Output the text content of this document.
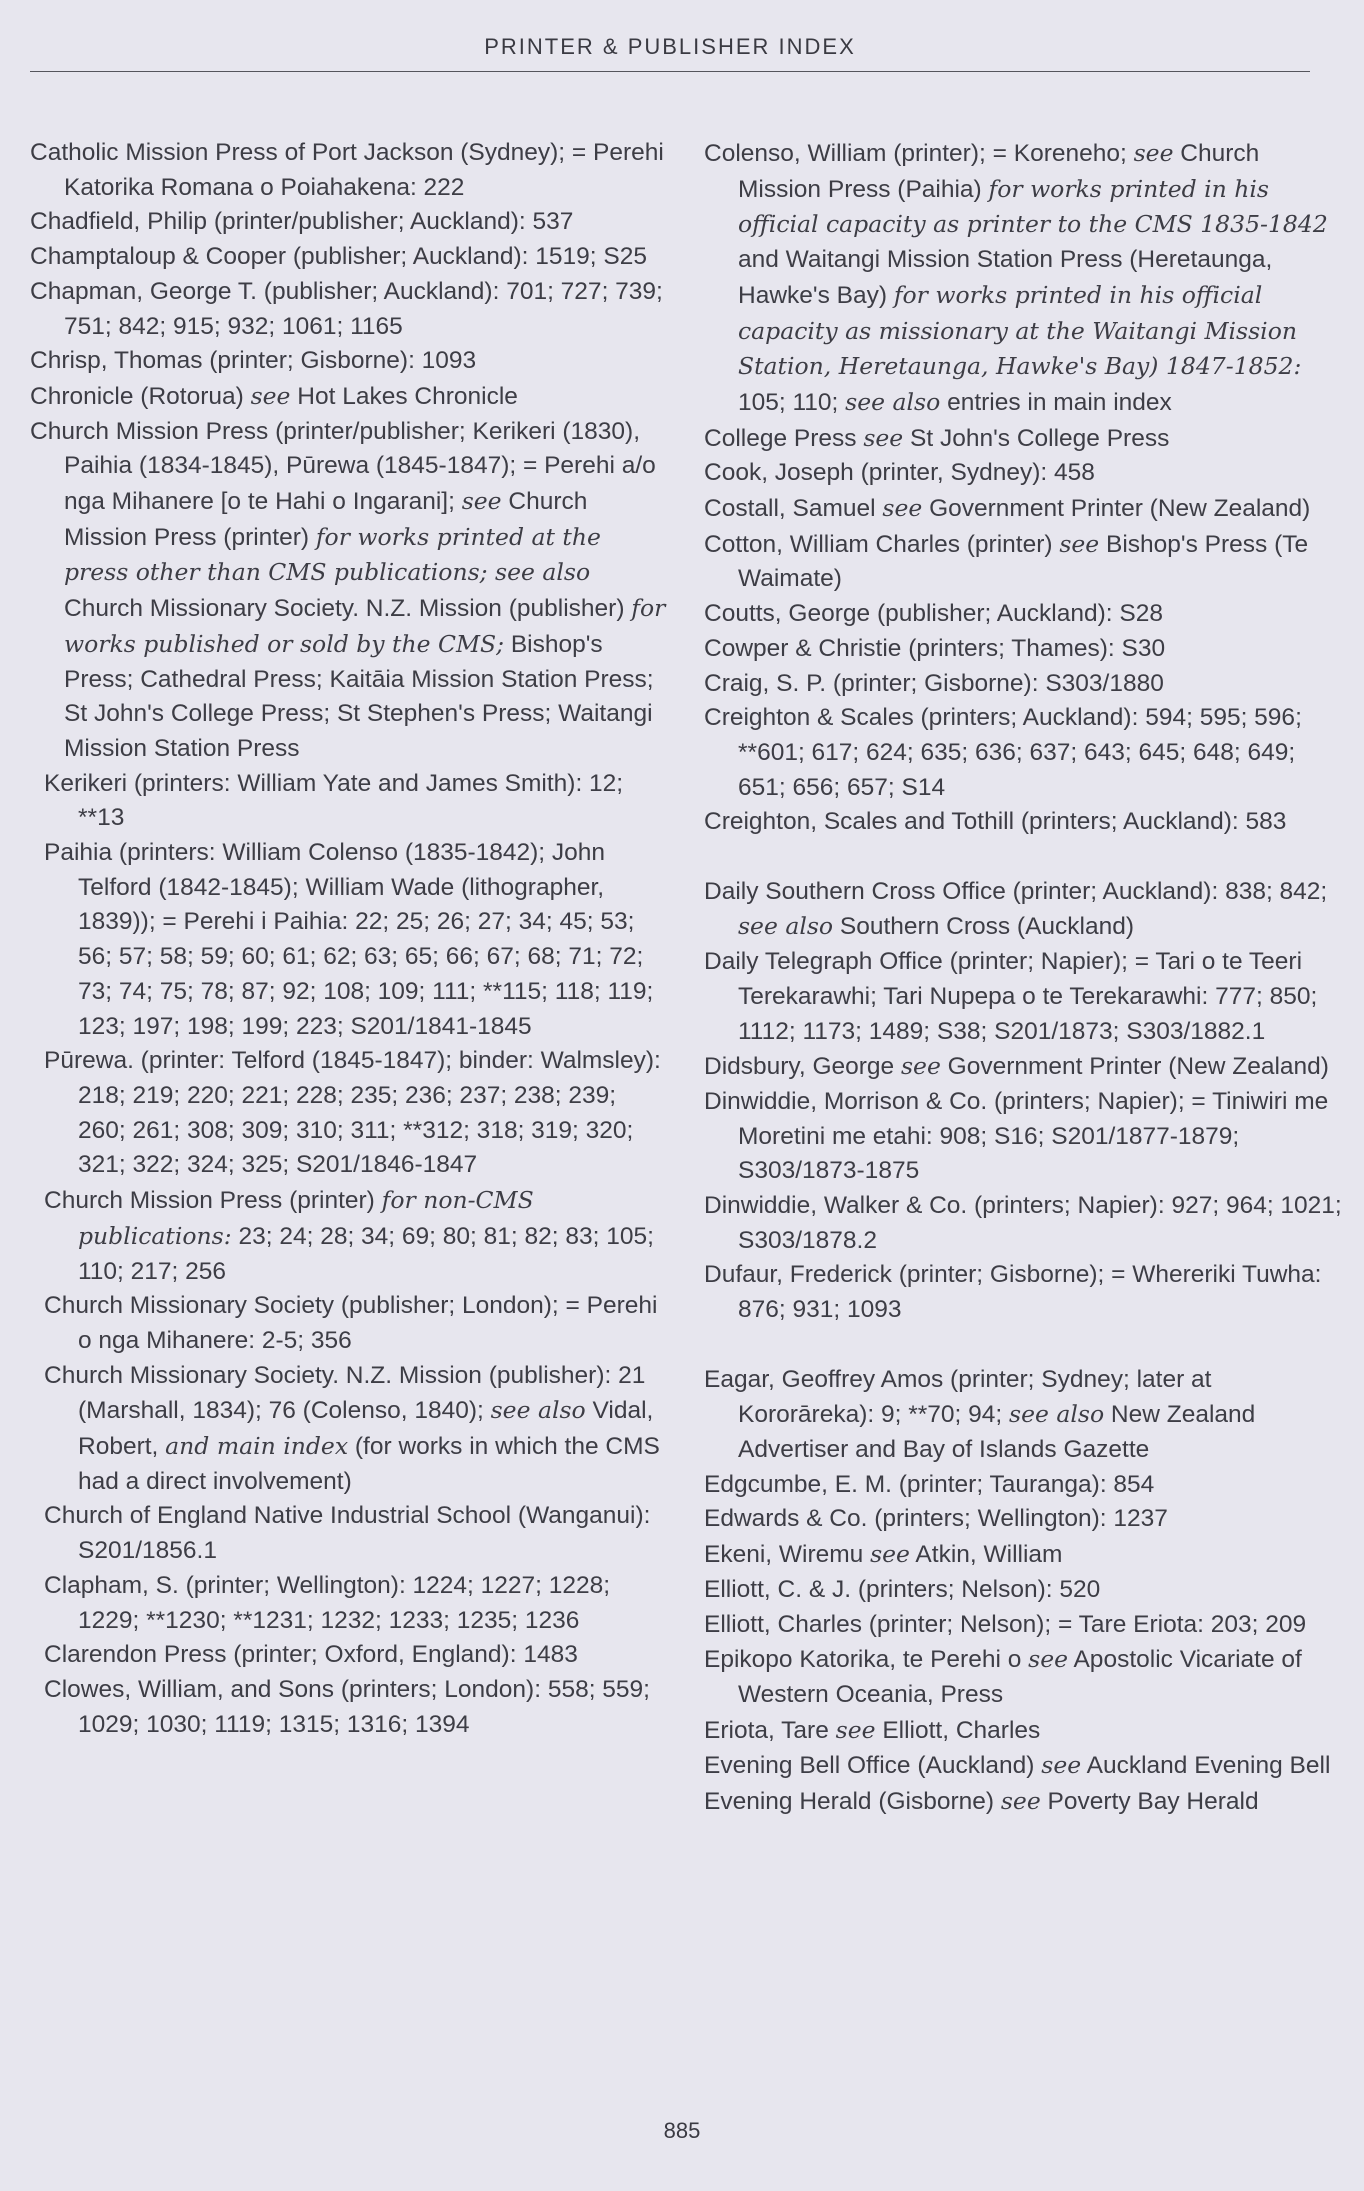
PRINTER & PUBLISHER INDEX

Catholic Mission Press of Port Jackson (Sydney); = Perehi Katorika Romana o Poiahakena: 222

Chadfield, Philip (printer/publisher; Auckland): 537

Champtaloup & Cooper (publisher; Auckland): 1519; S25

Chapman, George T. (publisher; Auckland): 701; 727; 739; 751; 842; 915; 932; 1061; 1165

Chrisp, Thomas (printer; Gisborne): 1093

Chronicle (Rotorua) see Hot Lakes Chronicle

Church Mission Press (printer/publisher; Kerikeri (1830), Paihia (1834-1845), Pūrewa (1845-1847); = Perehi a/o nga Mihanere [o te Hahi o Ingarani]; see Church Mission Press (printer) for works printed at the press other than CMS publications; see also Church Missionary Society. N.Z. Mission (publisher) for works published or sold by the CMS; Bishop's Press; Cathedral Press; Kaitāia Mission Station Press; St John's College Press; St Stephen's Press; Waitangi Mission Station Press

Kerikeri (printers: William Yate and James Smith): 12; **13

Paihia (printers: William Colenso (1835-1842); John Telford (1842-1845); William Wade (lithographer, 1839)); = Perehi i Paihia: 22; 25; 26; 27; 34; 45; 53; 56; 57; 58; 59; 60; 61; 62; 63; 65; 66; 67; 68; 71; 72; 73; 74; 75; 78; 87; 92; 108; 109; 111; **115; 118; 119; 123; 197; 198; 199; 223; S201/1841-1845

Pūrewa. (printer: Telford (1845-1847); binder: Walmsley): 218; 219; 220; 221; 228; 235; 236; 237; 238; 239; 260; 261; 308; 309; 310; 311; **312; 318; 319; 320; 321; 322; 324; 325; S201/1846-1847

Church Mission Press (printer) for non-CMS publications: 23; 24; 28; 34; 69; 80; 81; 82; 83; 105; 110; 217; 256

Church Missionary Society (publisher; London); = Perehi o nga Mihanere: 2-5; 356

Church Missionary Society. N.Z. Mission (publisher): 21 (Marshall, 1834); 76 (Colenso, 1840); see also Vidal, Robert, and main index (for works in which the CMS had a direct involvement)

Church of England Native Industrial School (Wanganui): S201/1856.1

Clapham, S. (printer; Wellington): 1224; 1227; 1228; 1229; **1230; **1231; 1232; 1233; 1235; 1236

Clarendon Press (printer; Oxford, England): 1483

Clowes, William, and Sons (printers; London): 558; 559; 1029; 1030; 1119; 1315; 1316; 1394

Colenso, William (printer); = Koreneho; see Church Mission Press (Paihia) for works printed in his official capacity as printer to the CMS 1835-1842 and Waitangi Mission Station Press (Heretaunga, Hawke's Bay) for works printed in his official capacity as missionary at the Waitangi Mission Station, Heretaunga, Hawke's Bay) 1847-1852: 105; 110; see also entries in main index

College Press see St John's College Press

Cook, Joseph (printer, Sydney): 458

Costall, Samuel see Government Printer (New Zealand)

Cotton, William Charles (printer) see Bishop's Press (Te Waimate)

Coutts, George (publisher; Auckland): S28

Cowper & Christie (printers; Thames): S30

Craig, S. P. (printer; Gisborne): S303/1880

Creighton & Scales (printers; Auckland): 594; 595; 596; **601; 617; 624; 635; 636; 637; 643; 645; 648; 649; 651; 656; 657; S14

Creighton, Scales and Tothill (printers; Auckland): 583

Daily Southern Cross Office (printer; Auckland): 838; 842; see also Southern Cross (Auckland)

Daily Telegraph Office (printer; Napier); = Tari o te Teeri Terekarawhi; Tari Nupepa o te Terekarawhi: 777; 850; 1112; 1173; 1489; S38; S201/1873; S303/1882.1

Didsbury, George see Government Printer (New Zealand)

Dinwiddie, Morrison & Co. (printers; Napier); = Tiniwiri me Moretini me etahi: 908; S16; S201/1877-1879; S303/1873-1875

Dinwiddie, Walker & Co. (printers; Napier): 927; 964; 1021; S303/1878.2

Dufaur, Frederick (printer; Gisborne); = Whereriki Tuwha: 876; 931; 1093

Eagar, Geoffrey Amos (printer; Sydney; later at Kororāreka): 9; **70; 94; see also New Zealand Advertiser and Bay of Islands Gazette

Edgcumbe, E. M. (printer; Tauranga): 854

Edwards & Co. (printers; Wellington): 1237

Ekeni, Wiremu see Atkin, William

Elliott, C. & J. (printers; Nelson): 520

Elliott, Charles (printer; Nelson); = Tare Eriota: 203; 209

Epikopo Katorika, te Perehi o see Apostolic Vicariate of Western Oceania, Press

Eriota, Tare see Elliott, Charles

Evening Bell Office (Auckland) see Auckland Evening Bell

Evening Herald (Gisborne) see Poverty Bay Herald

885
